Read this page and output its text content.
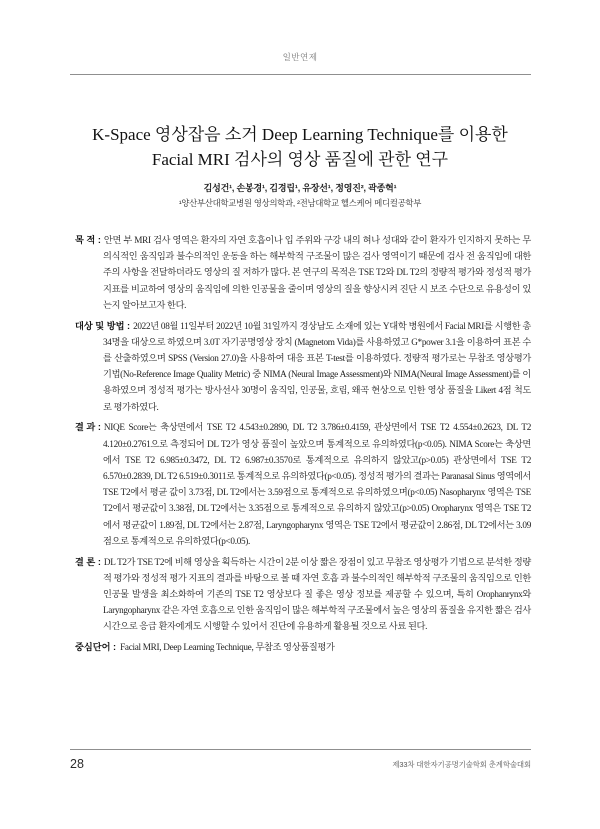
일반연제
K-Space 영상잡음 소거 Deep Learning Technique를 이용한
Facial MRI 검사의 영상 품질에 관한 연구
김성건¹ , 손봉경¹ , 김경립¹ , 유장선¹ , 정영진² , 곽종혁¹
¹양산부산대학교병원 영상의학과 , ²전남대학교 헬스케어 메디컬공학부

목 적 : 안면 부 MRI 검사 영역은 환자의 자연 호흡이나 입 주위와 구강 내의 혀나 성대와 같이 환자가 인지하지 못하는 무의식적인 움직임과 불수의적인 운동을 하는 해부학적 구조물이 많은 검사 영역이기 때문에 검사 전 움직임에 대한 주의 사항을 전달하더라도 영상의 질 저하가 많다. 본 연구의 목적은 TSE T2와 DL T2의 정량적 평가와 정성적 평가 지표를 비교하여 영상의 움직임에 의한 인공물을 줄이며 영상의 질을 향상시켜 진단 시 보조 수단으로 유용성이 있는지 알아보고자 한다.

대상 및 방법 : 2022년 08월 11일부터 2022년 10월 31일까지 경상남도 소재에 있는 Y대학 병원에서 Facial MRI를 시행한 총 34명을 대상으로 하였으며 3.0T 자기공명영상 장치 (Magnetom Vida)를 사용하였고 G*power 3.1을 이용하여 표본 수를 산출하였으며 SPSS (Version 27.0)을 사용하여 대응 표본 T-test를 이용하였다. 정량적 평가로는 무참조 영상평가 기법(No-Reference Image Quality Metric) 중 NIMA (Neural Image Assessment)와 NIMA(Neural Image Assessment)를 이용하였으며 정성적 평가는 방사선사 30명이 움직임, 인공물, 흐림, 왜곡 현상으로 인한 영상 품질을 Likert 4점 척도로 평가하였다.

결 과 : NIQE Score는 축상면에서 TSE T2 4.543±0.2890, DL T2 3.786±0.4159, 관상면에서 TSE T2 4.554±0.2623, DL T2 4.120±0.2761으로 측정되어 DL T2가 영상 품질이 높았으며 통계적으로 유의하였다(p<0.05). NIMA Score는 축상면에서 TSE T2 6.985±0.3472, DL T2 6.987±0.3570로 통계적으로 유의하지 않았고(p>0.05) 관상면에서 TSE T2 6.570±0.2839, DL T2 6.519±0.3011로 통계적으로 유의하였다(p<0.05). 정성적 평가의 결과는 Paranasal Sinus 영역에서 TSE T2에서 평균 값이 3.73점, DL T2에서는 3.59점으로 통계적으로 유의하였으며(p<0.05) Nasopharynx 영역은 TSE T2에서 평균값이 3.38점, DL T2에서는 3.35점으로 통계적으로 유의하지 않았고(p>0.05) Oropharynx 영역은 TSE T2에서 평균값이 1.89점, DL T2에서는 2.87점, Laryngopharynx 영역은 TSE T2에서 평균값이 2.86점, DL T2에서는 3.09점으로 통계적으로 유의하였다(p<0.05).

결 론 : DL T2가 TSE T2에 비해 영상을 획득하는 시간이 2분 이상 짧은 장점이 있고 무참조 영상평가 기법으로 분석한 정량적 평가와 정성적 평가 지표의 결과를 바탕으로 볼 때 자연 호흡 과 불수의적인 해부학적 구조물의 움직임으로 인한 인공물 발생을 최소화하여 기존의 TSE T2 영상보다 질 좋은 영상 정보를 제공할 수 있으며, 특히 Orophanrynx와 Laryngopharynx 같은 자연 호흡으로 인한 움직임이 많은 해부학적 구조물에서 높은 영상의 품질을 유지한 짧은 검사 시간으로 응급 환자에게도 시행할 수 있어서 진단에 유용하게 활용될 것으로 사료 된다.

중심단어 : Facial MRI , Deep Learning Technique , 무참조 영상품질평가

28	제33차 대한자기공명기술학회 춘계학술대회
